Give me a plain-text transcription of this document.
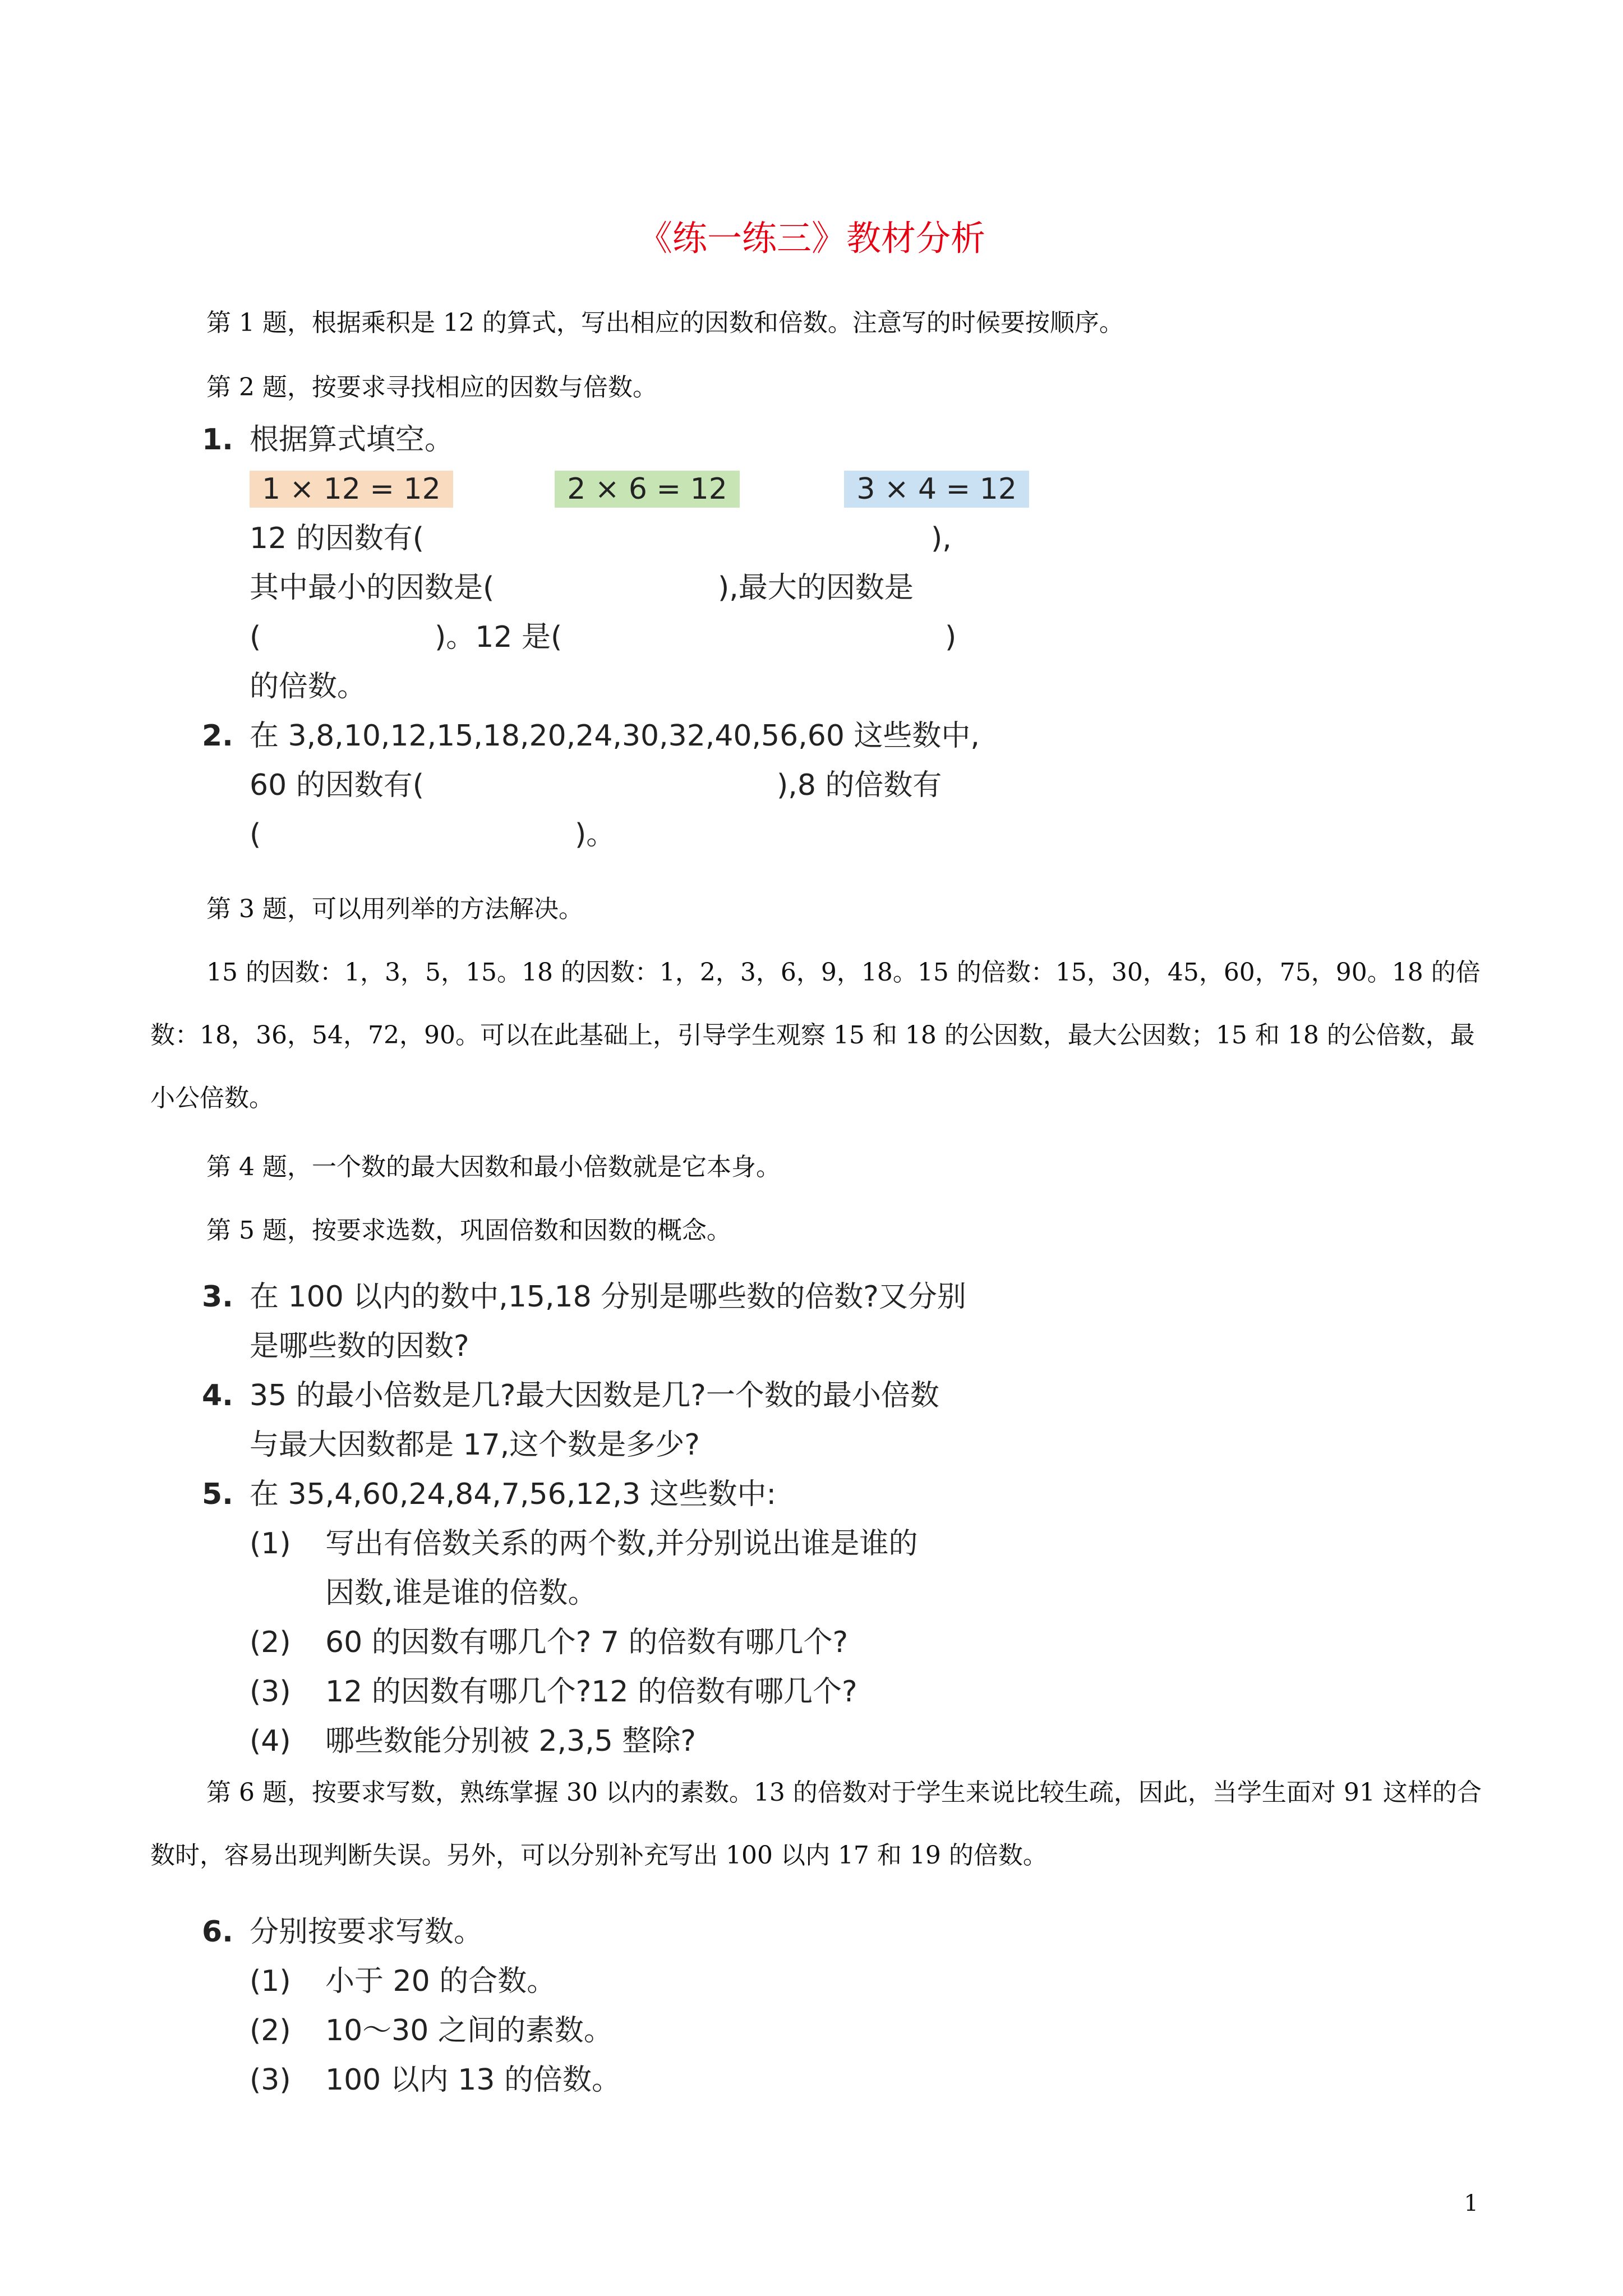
《练一练三》教材分析

第 1 题，根据乘积是 12 的算式，写出相应的因数和倍数。注意写的时候要按顺序。

第 2 题，按要求寻找相应的因数与倍数。

1. 根据算式填空。
1 × 12 = 12	2 × 6 = 12	3 × 4 = 12
12 的因数有(	),
其中最小的因数是(	),最大的因数是
(	)。12 是(	)
的倍数。
2. 在 3,8,10,12,15,18,20,24,30,32,40,56,60 这些数中,
60 的因数有(	),8 的倍数有
(	)。

第 3 题，可以用列举的方法解决。

15 的因数：1，3，5，15。18 的因数：1，2，3，6，9，18。15 的倍数：15，30，45，60，75，90。18 的倍数：18，36，54，72，90。可以在此基础上，引导学生观察 15 和 18 的公因数，最大公因数；15 和 18 的公倍数，最小公倍数。

第 4 题，一个数的最大因数和最小倍数就是它本身。

第 5 题，按要求选数，巩固倍数和因数的概念。

3. 在 100 以内的数中,15,18 分别是哪些数的倍数?又分别
是哪些数的因数?
4. 35 的最小倍数是几?最大因数是几?一个数的最小倍数
与最大因数都是 17,这个数是多少?
5. 在 35,4,60,24,84,7,56,12,3 这些数中:
(1) 写出有倍数关系的两个数,并分别说出谁是谁的
因数,谁是谁的倍数。
(2) 60 的因数有哪几个? 7 的倍数有哪几个?
(3) 12 的因数有哪几个?12 的倍数有哪几个?
(4) 哪些数能分别被 2,3,5 整除?

第 6 题，按要求写数，熟练掌握 30 以内的素数。13 的倍数对于学生来说比较生疏，因此，当学生面对 91 这样的合数时，容易出现判断失误。另外，可以分别补充写出 100 以内 17 和 19 的倍数。

6. 分别按要求写数。
(1) 小于 20 的合数。
(2) 10～30 之间的素数。
(3) 100 以内 13 的倍数。
1
